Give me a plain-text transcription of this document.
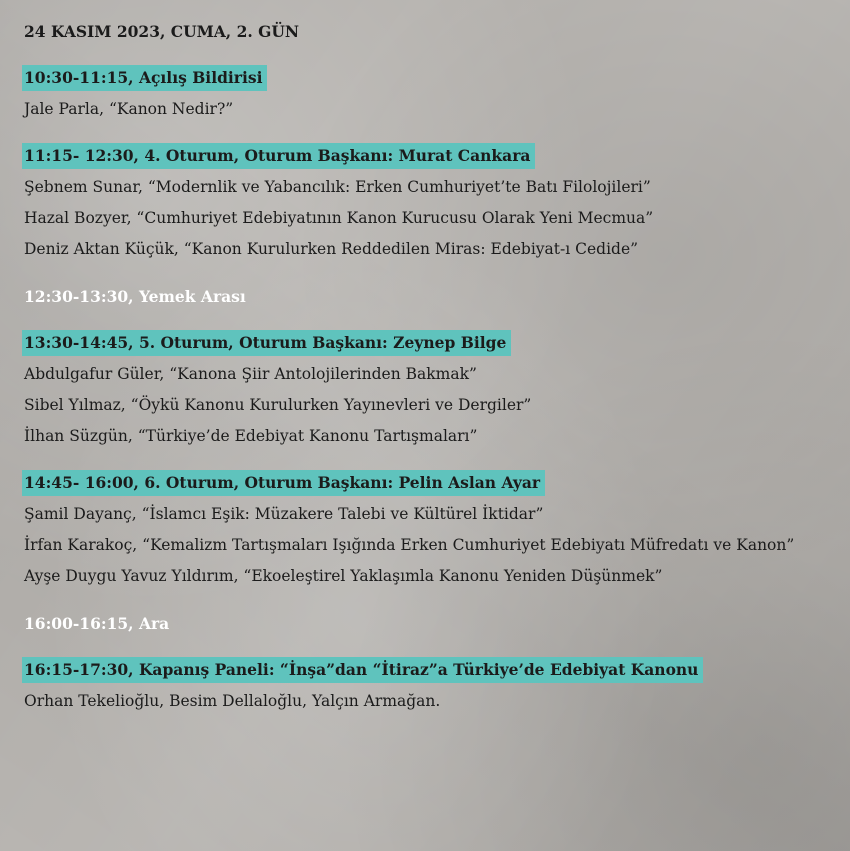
24 KASIM 2023, CUMA, 2. GÜN
10:30-11:15, Açılış Bildirisi
Jale Parla, “Kanon Nedir?”
11:15- 12:30, 4. Oturum, Oturum Başkanı: Murat Cankara
Şebnem Sunar, “Modernlik ve Yabancılık: Erken Cumhuriyet’te Batı Filolojileri”
Hazal Bozyer, “Cumhuriyet Edebiyatının Kanon Kurucusu Olarak Yeni Mecmua”
Deniz Aktan Küçük, “Kanon Kurulurken Reddedilen Miras: Edebiyat-ı Cedide”
12:30-13:30, Yemek Arası
13:30-14:45, 5. Oturum, Oturum Başkanı: Zeynep Bilge
Abdulgafur Güler, “Kanona Şiir Antolojilerinden Bakmak”
Sibel Yılmaz, “Öykü Kanonu Kurulurken Yayınevleri ve Dergiler”
İlhan Süzgün, “Türkiye’de Edebiyat Kanonu Tartışmaları”
14:45- 16:00, 6. Oturum, Oturum Başkanı: Pelin Aslan Ayar
Şamil Dayanç, “İslamcı Eşik: Müzakere Talebi ve Kültürel İktidar”
İrfan Karakoç, “Kemalizm Tartışmaları Işığında Erken Cumhuriyet Edebiyatı Müfredatı ve Kanon”
Ayşe Duygu Yavuz Yıldırım, “Ekoeleştirel Yaklaşımla Kanonu Yeniden Düşünmek”
16:00-16:15, Ara
16:15-17:30, Kapanış Paneli: “İnşa”dan “İtiraz”a Türkiye’de Edebiyat Kanonu
Orhan Tekelioğlu, Besim Dellaloğlu, Yalçın Armağan.
